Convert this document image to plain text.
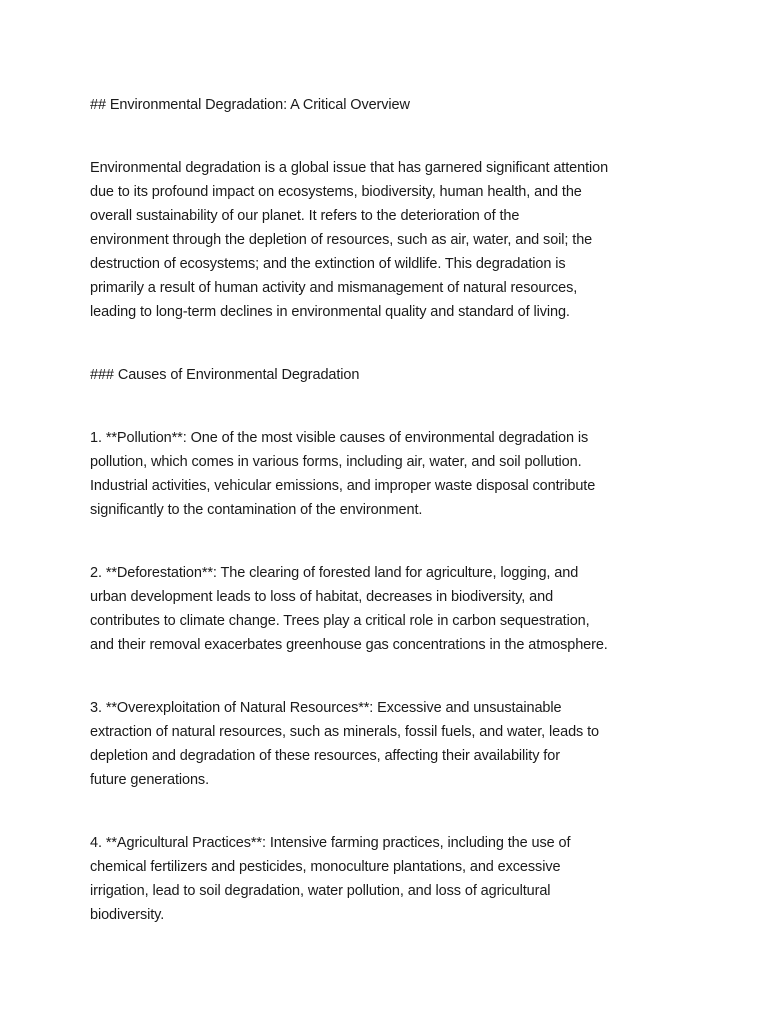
## Environmental Degradation: A Critical Overview
Environmental degradation is a global issue that has garnered significant attention
due to its profound impact on ecosystems, biodiversity, human health, and the
overall sustainability of our planet. It refers to the deterioration of the
environment through the depletion of resources, such as air, water, and soil; the
destruction of ecosystems; and the extinction of wildlife. This degradation is
primarily a result of human activity and mismanagement of natural resources,
leading to long-term declines in environmental quality and standard of living.
### Causes of Environmental Degradation
1. **Pollution**: One of the most visible causes of environmental degradation is
pollution, which comes in various forms, including air, water, and soil pollution.
Industrial activities, vehicular emissions, and improper waste disposal contribute
significantly to the contamination of the environment.
2. **Deforestation**: The clearing of forested land for agriculture, logging, and
urban development leads to loss of habitat, decreases in biodiversity, and
contributes to climate change. Trees play a critical role in carbon sequestration,
and their removal exacerbates greenhouse gas concentrations in the atmosphere.
3. **Overexploitation of Natural Resources**: Excessive and unsustainable
extraction of natural resources, such as minerals, fossil fuels, and water, leads to
depletion and degradation of these resources, affecting their availability for
future generations.
4. **Agricultural Practices**: Intensive farming practices, including the use of
chemical fertilizers and pesticides, monoculture plantations, and excessive
irrigation, lead to soil degradation, water pollution, and loss of agricultural
biodiversity.
